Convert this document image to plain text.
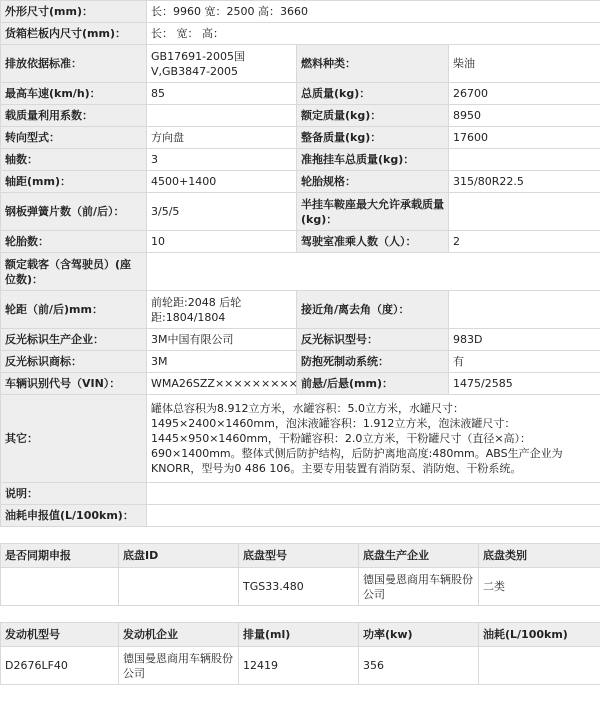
外形尺寸(mm)：	长：9960 宽：2500 高：3660		
货箱栏板内尺寸(mm)：	长： 宽： 高：		
排放依据标准：	GB17691-2005国Ⅴ,GB3847-2005	燃料种类：	柴油
最高车速(km/h)：	85	总质量(kg)：	26700
载质量利用系数：		额定质量(kg)：	8950
转向型式：	方向盘	整备质量(kg)：	17600
轴数：	3	准拖挂车总质量(kg)：	
轴距(mm)：	4500+1400	轮胎规格：	315/80R22.5
钢板弹簧片数（前/后）：	3/5/5	半挂车鞍座最大允许承载质量(kg)：	
轮胎数：	10	驾驶室准乘人数（人）：	2
额定载客（含驾驶员）(座位数)：			
轮距（前/后)mm：	前轮距:2048 后轮距:1804/1804	接近角/离去角（度）：	
反光标识生产企业：	3M中国有限公司	反光标识型号：	983D
反光标识商标：	3M	防抱死制动系统：	有
车辆识别代号（VIN）：	WMA26SZZ×××××××××	前悬/后悬(mm)：	1475/2585
其它：	罐体总容积为8.912立方米，水罐容积：5.0立方米，水罐尺寸：1495×2400×1460mm，泡沫液罐容积：1.912立方米，泡沫液罐尺寸：1445×950×1460mm，干粉罐容积：2.0立方米，干粉罐尺寸（直径×高）：690×1400mm。整体式侧后防护结构，后防护离地高度:480mm。ABS生产企业为KNORR，型号为0 486 106。主要专用装置有消防泵、消防炮、干粉系统。		
说明：			
油耗申报值(L/100km)：			
是否同期申报	底盘ID	底盘型号	底盘生产企业	底盘类别
		TGS33.480	德国曼恩商用车辆股份公司	二类
发动机型号	发动机企业	排量(ml)	功率(kw)	油耗(L/100km)
D2676LF40	德国曼恩商用车辆股份公司	12419	356	
